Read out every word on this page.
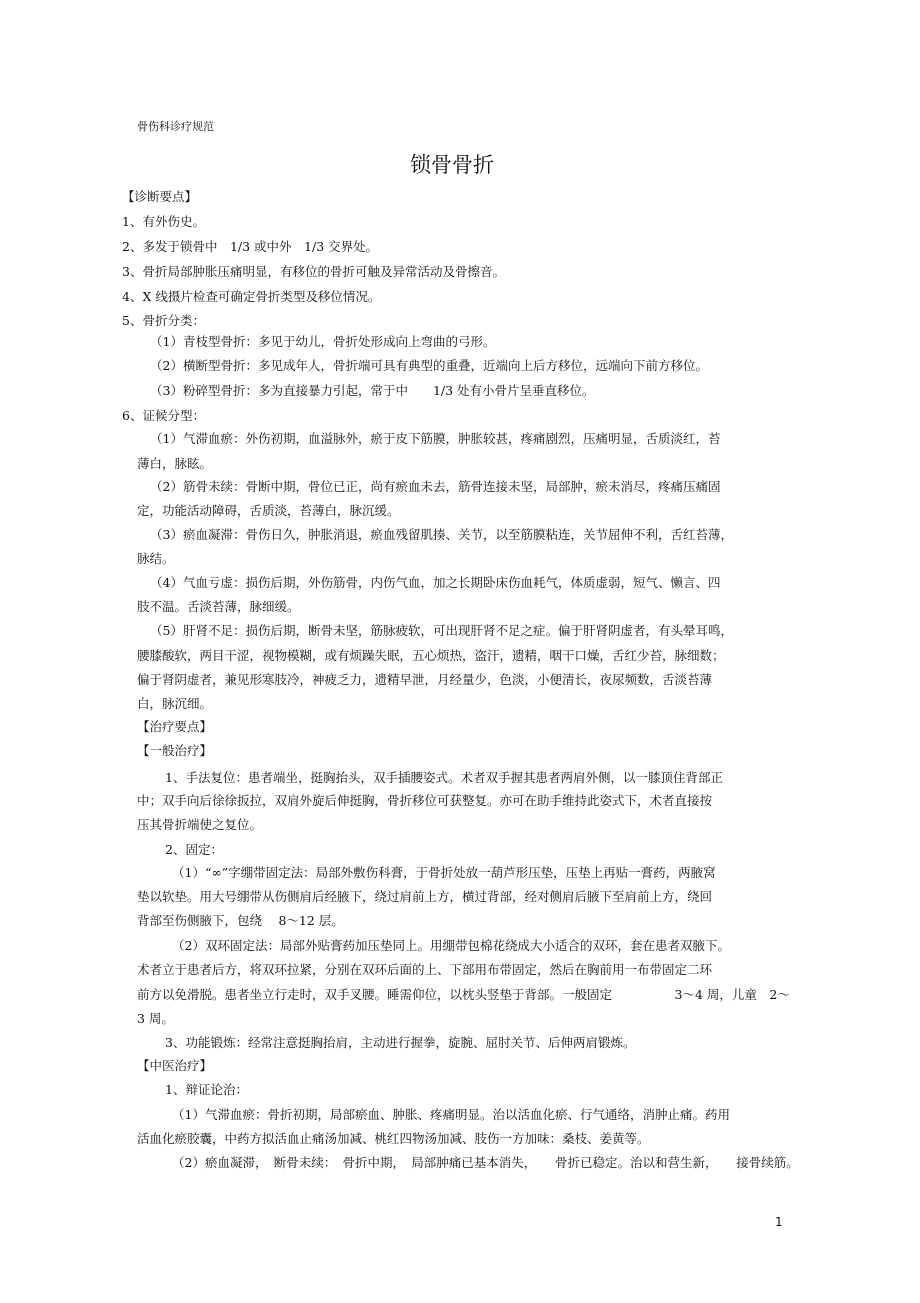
骨伤科诊疗规范
锁骨骨折
【诊断要点】
1、有外伤史。
2、多发于锁骨中　1/3 或中外　1/3 交界处。
3、骨折局部肿胀压痛明显，有移位的骨折可触及异常活动及骨擦音。
4、X 线摄片检查可确定骨折类型及移位情况。
5、骨折分类：
（1）青枝型骨折：多见于幼儿，骨折处形成向上弯曲的弓形。
（2）横断型骨折：多见成年人，骨折端可具有典型的重叠，近端向上后方移位，远端向下前方移位。
（3）粉碎型骨折：多为直接暴力引起，常于中　　1/3 处有小骨片呈垂直移位。
6、证候分型：
（1）气滞血瘀：外伤初期，血溢脉外，瘀于皮下筋膜，肿胀较甚，疼痛剧烈，压痛明显，舌质淡红，苔
薄白，脉眩。
（2）筋骨未续：骨断中期，骨位已正，尚有瘀血未去，筋骨连接未坚，局部肿，瘀未消尽，疼痛压痛固
定，功能活动障碍，舌质淡，苔薄白，脉沉缓。
（3）瘀血凝滞：骨伤日久，肿胀消退，瘀血残留肌揍、关节，以至筋膜粘连，关节屈伸不利，舌红苔薄，
脉结。
（4）气血亏虚：损伤后期，外伤筋骨，内伤气血，加之长期卧床伤血耗气，体质虚弱，短气、懒言、四
肢不温。舌淡苔薄，脉细缓。
（5）肝肾不足：损伤后期，断骨未坚，筋脉疲软，可出现肝肾不足之症。偏于肝肾阴虚者，有头晕耳鸣，
腰膝酸软，两目干涩，视物模糊，或有烦躁失眠，五心烦热，盗汗，遗精，咽干口燥，舌红少苔，脉细数；
偏于肾阴虚者，兼见形寒肢冷，神疲乏力，遗精早泄，月经量少，色淡，小便清长，夜尿频数，舌淡苔薄
白，脉沉细。
【治疗要点】
【一般治疗】
1、手法复位：患者端坐，挺胸抬头，双手插腰姿式。术者双手握其患者两肩外侧，以一膝顶住背部正
中；双手向后徐徐扳拉，双肩外旋后伸挺胸，骨折移位可获整复。亦可在助手维持此姿式下，术者直接按
压其骨折端使之复位。
2、固定：
（1）“∞”字绷带固定法：局部外敷伤科膏，于骨折处放一葫芦形压垫，压垫上再贴一膏药，两腋窝
垫以软垫。用大号绷带从伤侧肩后经腋下，绕过肩前上方，横过背部，经对侧肩后腋下至肩前上方，绕回
背部至伤侧腋下，包绕　 8～12 层。
（2）双环固定法：局部外贴膏药加压垫同上。用绷带包棉花绕成大小适合的双环，套在患者双腋下。
术者立于患者后方，将双环拉紧，分别在双环后面的上、下部用布带固定，然后在胸前用一布带固定二环
前方以免滑脱。患者坐立行走时，双手叉腰。睡需仰位，以枕头竖垫于背部。一般固定　　　　　3～4 周，儿童　2～
3 周。
3、功能锻炼：经常注意挺胸抬肩，主动进行握拳，旋腕、屈肘关节、后伸两肩锻炼。
【中医治疗】
1、辩证论治：
（1）气滞血瘀：骨折初期，局部瘀血、肿胀、疼痛明显。治以活血化瘀、行气通络，消肿止痛。药用
活血化瘀胶囊，中药方拟活血止痛汤加减、桃红四物汤加减、肢伤一方加味：桑枝、姜黄等。
（2）瘀血凝滞，　断骨未续：　骨折中期，　局部肿痛已基本消失，　　骨折已稳定。治以和营生新，　　接骨续筋。
1
